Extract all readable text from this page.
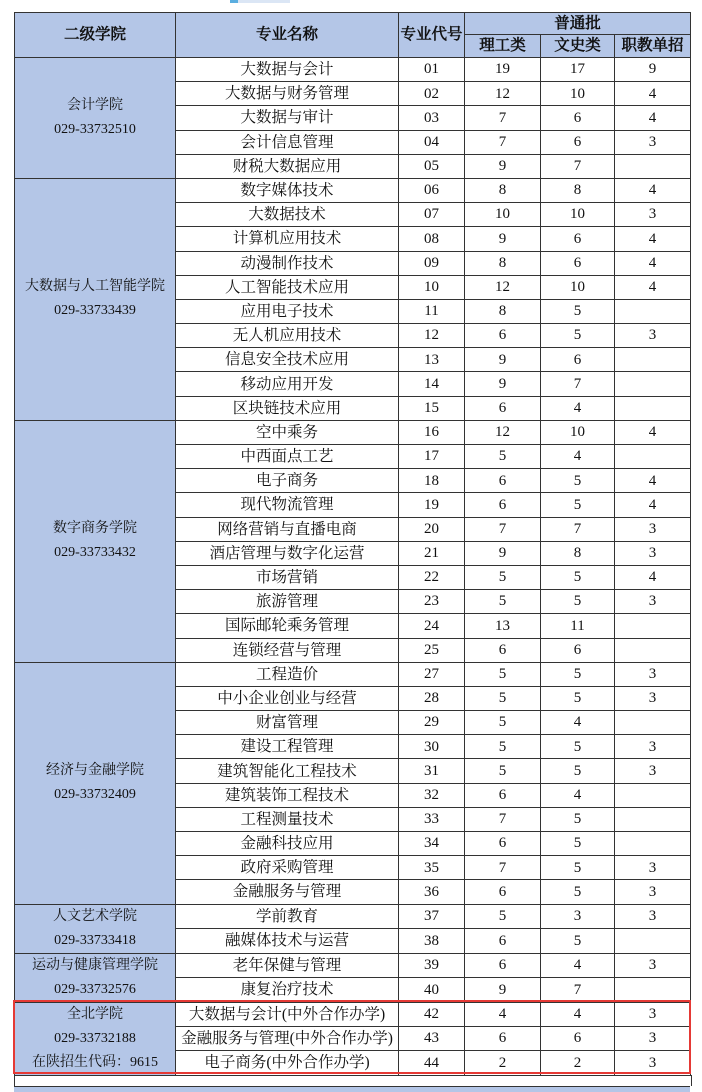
二级学院	专业名称	专业代号	普通批		
			理工类	文史类	职教单招

会计学院
029-33732510	大数据与会计	01	19	17	9
	大数据与财务管理	02	12	10	4
	大数据与审计	03	7	6	4
	会计信息管理	04	7	6	3
	财税大数据应用	05	9	7	

大数据与人工智能学院
029-33733439	数字媒体技术	06	8	8	4
	大数据技术	07	10	10	3
	计算机应用技术	08	9	6	4
	动漫制作技术	09	8	6	4
	人工智能技术应用	10	12	10	4
	应用电子技术	11	8	5	
	无人机应用技术	12	6	5	3
	信息安全技术应用	13	9	6	
	移动应用开发	14	9	7	
	区块链技术应用	15	6	4	

数字商务学院
029-33733432	空中乘务	16	12	10	4
	中西面点工艺	17	5	4	
	电子商务	18	6	5	4
	现代物流管理	19	6	5	4
	网络营销与直播电商	20	7	7	3
	酒店管理与数字化运营	21	9	8	3
	市场营销	22	5	5	4
	旅游管理	23	5	5	3
	国际邮轮乘务管理	24	13	11	
	连锁经营与管理	25	6	6	

经济与金融学院
029-33732409	工程造价	27	5	5	3
	中小企业创业与经营	28	5	5	3
	财富管理	29	5	4	
	建设工程管理	30	5	5	3
	建筑智能化工程技术	31	5	5	3
	建筑装饰工程技术	32	6	4	
	工程测量技术	33	7	5	
	金融科技应用	34	6	5	
	政府采购管理	35	7	5	3
	金融服务与管理	36	6	5	3

人文艺术学院
029-33733418	学前教育	37	5	3	3
	融媒体技术与运营	38	6	5	

运动与健康管理学院
029-33732576	老年保健与管理	39	6	4	3
	康复治疗技术	40	9	7	

全北学院
029-33732188
在陕招生代码：9615	大数据与会计(中外合作办学)	42	4	4	3
	金融服务与管理(中外合作办学)	43	6	6	3
	电子商务(中外合作办学)	44	2	2	3
